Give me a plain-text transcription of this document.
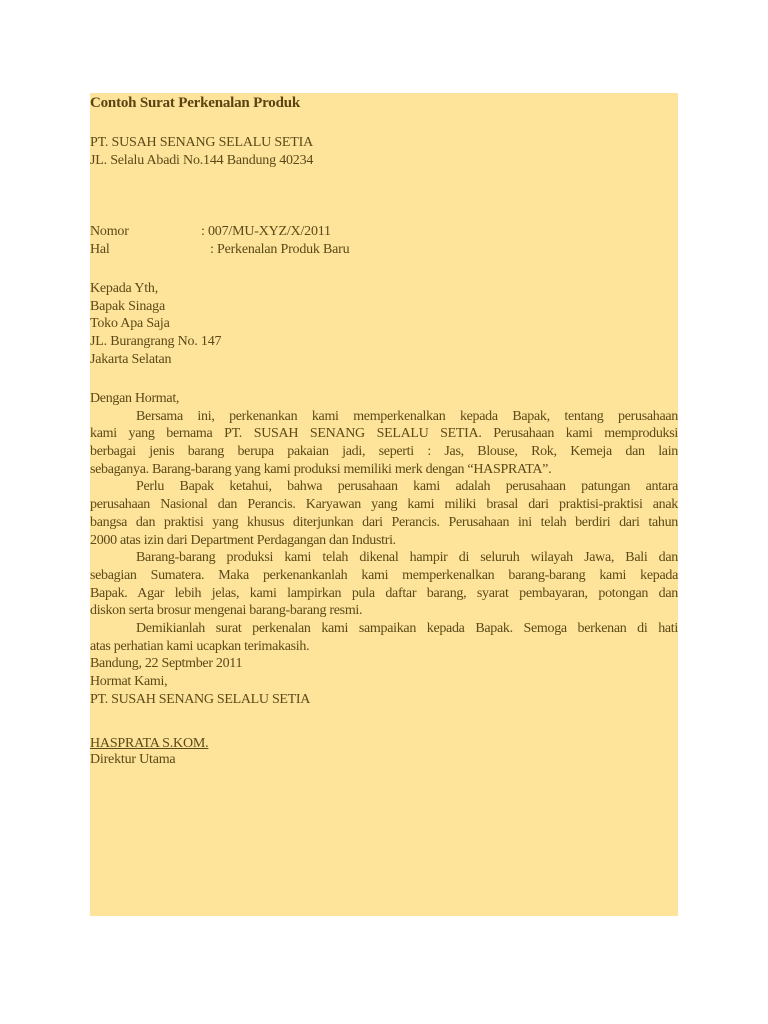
Contoh Surat Perkenalan Produk
PT. SUSAH SENANG SELALU SETIA
JL. Selalu Abadi No.144 Bandung 40234
Nomor	: 007/MU-XYZ/X/2011
Hal	: Perkenalan Produk Baru
Kepada Yth,
Bapak Sinaga
Toko Apa Saja
JL. Burangrang No. 147
Jakarta Selatan
Dengan Hormat,
Bersama ini, perkenankan kami memperkenalkan kepada Bapak, tentang perusahaan
kami yang bernama PT. SUSAH SENANG SELALU SETIA. Perusahaan kami memproduksi
berbagai jenis barang berupa pakaian jadi, seperti : Jas, Blouse, Rok, Kemeja dan lain
sebaganya. Barang-barang yang kami produksi memiliki merk dengan “HASPRATA”.
Perlu Bapak ketahui, bahwa perusahaan kami adalah perusahaan patungan antara
perusahaan Nasional dan Perancis. Karyawan yang kami miliki brasal dari praktisi-praktisi anak
bangsa dan praktisi yang khusus diterjunkan dari Perancis. Perusahaan ini telah berdiri dari tahun
2000 atas izin dari Department Perdagangan dan Industri.
Barang-barang produksi kami telah dikenal hampir di seluruh wilayah Jawa, Bali dan
sebagian Sumatera. Maka perkenankanlah kami memperkenalkan barang-barang kami kepada
Bapak. Agar lebih jelas, kami lampirkan pula daftar barang, syarat pembayaran, potongan dan
diskon serta brosur mengenai barang-barang resmi.
Demikianlah surat perkenalan kami sampaikan kepada Bapak. Semoga berkenan di hati
atas perhatian kami ucapkan terimakasih.
Bandung, 22 Septmber 2011
Hormat Kami,
PT. SUSAH SENANG SELALU SETIA
HASPRATA S.KOM.
Direktur Utama
